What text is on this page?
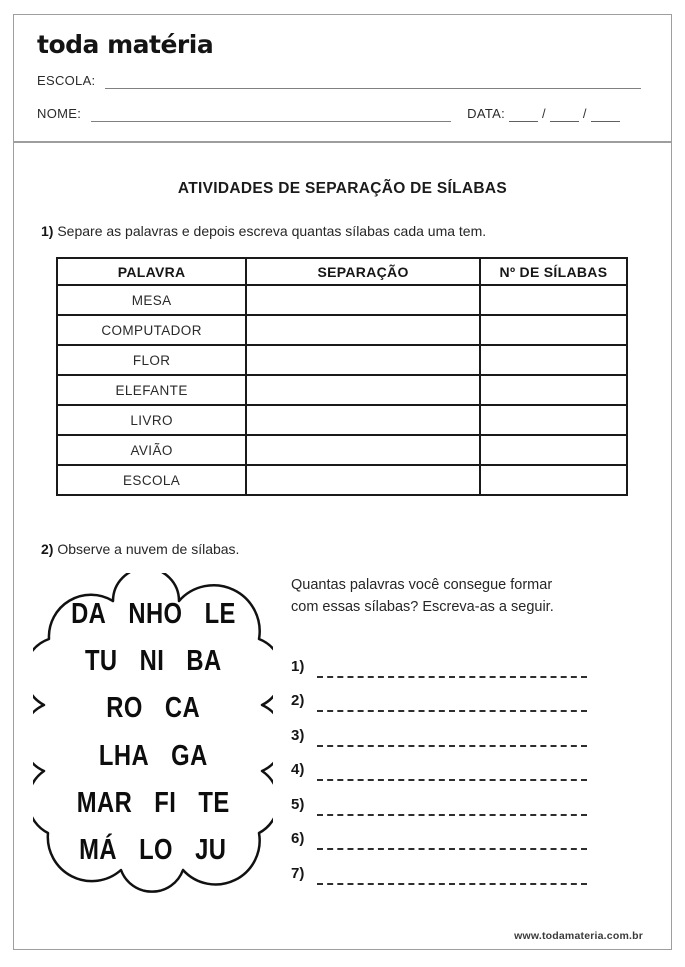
toda matéria
ESCOLA:
NOME:	DATA:	/	/
ATIVIDADES DE SEPARAÇÃO DE SÍLABAS

1) Separe as palavras e depois escreva quantas sílabas cada uma tem.

PALAVRA	SEPARAÇÃO	Nº DE SÍLABAS
MESA		
COMPUTADOR		
FLOR		
ELEFANTE		
LIVRO		
AVIÃO		
ESCOLA		

2) Observe a nuvem de sílabas.

DA NHO LE
TU NI BA
RO CA
LHA GA
MAR FI TE
MÁ LO JU

Quantas palavras você consegue formar
com essas sílabas? Escreva-as a seguir.

1)
2)
3)
4)
5)
6)
7)
www.todamateria.com.br
